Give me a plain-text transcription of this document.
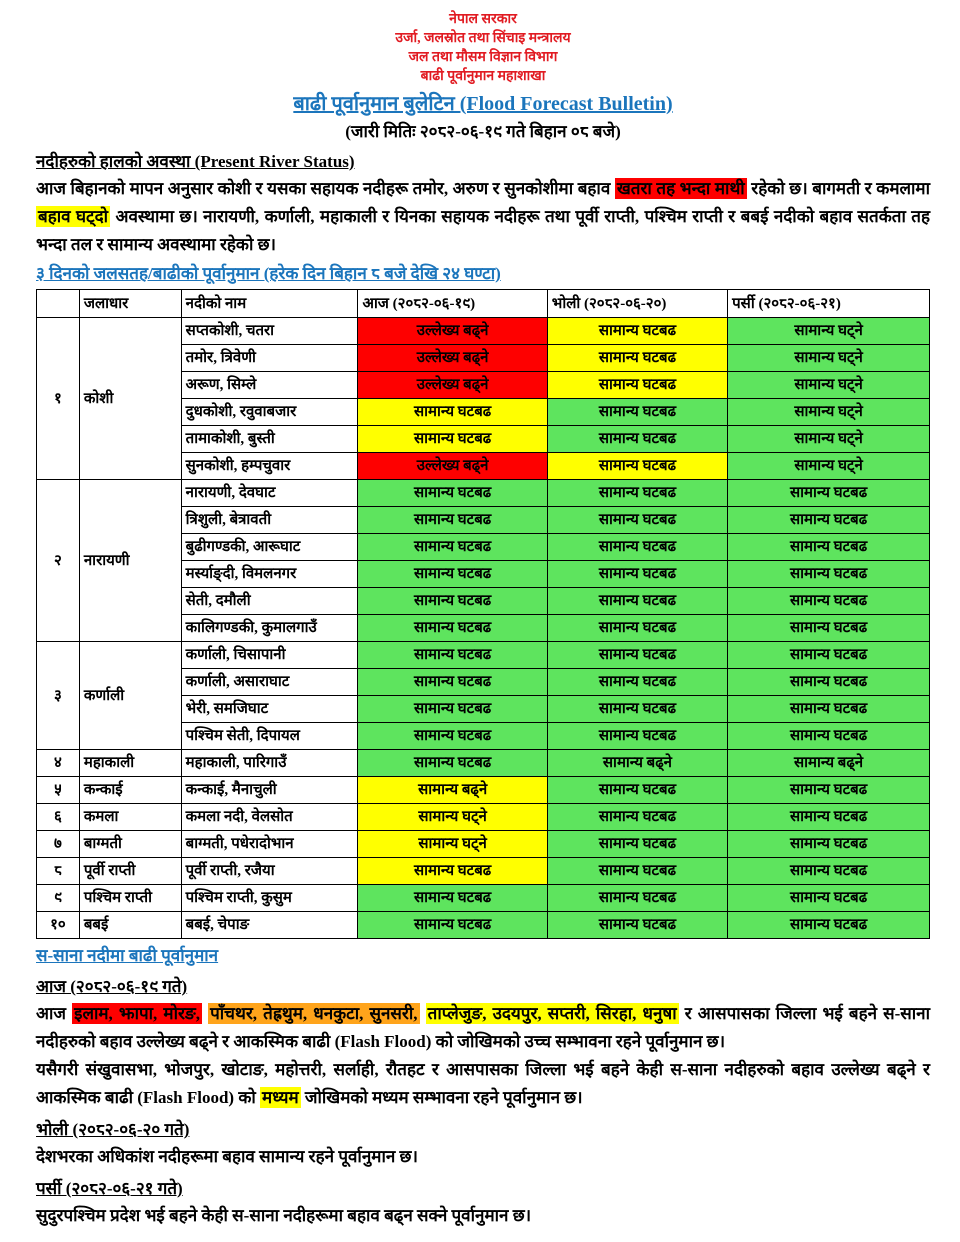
नेपाल सरकार
उर्जा, जलस्रोत तथा सिंचाइ मन्त्रालय
जल तथा मौसम विज्ञान विभाग
बाढी पूर्वानुमान महाशाखा
बाढी पूर्वानुमान बुलेटिन (Flood Forecast Bulletin)
(जारी मितिः २०८२-०६-१९ गते बिहान ०८ बजे)
नदीहरुको हालको अवस्था (Present River Status)

आज बिहानको मापन अनुसार कोशी र यसका सहायक नदीहरू तमोर, अरुण र सुनकोशीमा बहाव खतरा तह भन्दा माथी रहेको छ। बागमती र कमलामा बहाव घट्दो अवस्थामा छ। नारायणी, कर्णाली, महाकाली र यिनका सहायक नदीहरू तथा पूर्वी राप्ती, पश्चिम राप्ती र बबई नदीको बहाव सतर्कता तह भन्दा तल र सामान्य अवस्थामा रहेको छ।

३ दिनको जलसतह/बाढीको पूर्वानुमान (हरेक दिन बिहान ८ बजे देखि २४ घण्टा)
	जलाधार	नदीको नाम	आज (२०८२-०६-१९)	भोली (२०८२-०६-२०)	पर्सी (२०८२-०६-२१)
१	कोशी	सप्तकोशी, चतरा	उल्लेख्य बढ्ने	सामान्य घटबढ	सामान्य घट्ने
		तमोर, त्रिवेणी	उल्लेख्य बढ्ने	सामान्य घटबढ	सामान्य घट्ने
		अरूण, सिम्ले	उल्लेख्य बढ्ने	सामान्य घटबढ	सामान्य घट्ने
		दुधकोशी, रवुवाबजार	सामान्य घटबढ	सामान्य घटबढ	सामान्य घट्ने
		तामाकोशी, बुस्ती	सामान्य घटबढ	सामान्य घटबढ	सामान्य घट्ने
		सुनकोशी, हम्पचुवार	उल्लेख्य बढ्ने	सामान्य घटबढ	सामान्य घट्ने
२	नारायणी	नारायणी, देवघाट	सामान्य घटबढ	सामान्य घटबढ	सामान्य घटबढ
		त्रिशुली, बेत्रावती	सामान्य घटबढ	सामान्य घटबढ	सामान्य घटबढ
		बुढीगण्डकी, आरूघाट	सामान्य घटबढ	सामान्य घटबढ	सामान्य घटबढ
		मर्स्याङ्दी, विमलनगर	सामान्य घटबढ	सामान्य घटबढ	सामान्य घटबढ
		सेती, दमौली	सामान्य घटबढ	सामान्य घटबढ	सामान्य घटबढ
		कालिगण्डकी, कुमालगाउँ	सामान्य घटबढ	सामान्य घटबढ	सामान्य घटबढ
३	कर्णाली	कर्णाली, चिसापानी	सामान्य घटबढ	सामान्य घटबढ	सामान्य घटबढ
		कर्णाली, असाराघाट	सामान्य घटबढ	सामान्य घटबढ	सामान्य घटबढ
		भेरी, समजिघाट	सामान्य घटबढ	सामान्य घटबढ	सामान्य घटबढ
		पश्चिम सेती, दिपायल	सामान्य घटबढ	सामान्य घटबढ	सामान्य घटबढ
४	महाकाली	महाकाली, पारिगाउँ	सामान्य घटबढ	सामान्य बढ्ने	सामान्य बढ्ने
५	कन्काई	कन्काई, मैनाचुली	सामान्य बढ्ने	सामान्य घटबढ	सामान्य घटबढ
६	कमला	कमला नदी, वेलसोत	सामान्य घट्ने	सामान्य घटबढ	सामान्य घटबढ
७	बाग्मती	बाग्मती, पधेरादोभान	सामान्य घट्ने	सामान्य घटबढ	सामान्य घटबढ
८	पूर्वी राप्ती	पूर्वी राप्ती, रजैया	सामान्य घटबढ	सामान्य घटबढ	सामान्य घटबढ
९	पश्चिम राप्ती	पश्चिम राप्ती, कुसुम	सामान्य घटबढ	सामान्य घटबढ	सामान्य घटबढ
१०	बबई	बबई, चेपाङ	सामान्य घटबढ	सामान्य घटबढ	सामान्य घटबढ
स-साना नदीमा बाढी पूर्वानुमान
आज (२०८२-०६-१९ गते)

आज इलाम, झापा, मोरङ, पाँचथर, तेह्रथुम, धनकुटा, सुनसरी, ताप्लेजुङ, उदयपुर, सप्तरी, सिरहा, धनुषा र आसपासका जिल्ला भई बहने स-साना नदीहरुको बहाव उल्लेख्य बढ्ने र आकस्मिक बाढी (Flash Flood) को जोखिमको उच्च सम्भावना रहने पूर्वानुमान छ।

यसैगरी संखुवासभा, भोजपुर, खोटाङ, महोत्तरी, सर्लाही, रौतहट र आसपासका जिल्ला भई बहने केही स-साना नदीहरुको बहाव उल्लेख्य बढ्ने र आकस्मिक बाढी (Flash Flood) को मध्यम जोखिमको मध्यम सम्भावना रहने पूर्वानुमान छ।

भोली (२०८२-०६-२० गते)

देशभरका अधिकांश नदीहरूमा बहाव सामान्य रहने पूर्वानुमान छ।

पर्सी (२०८२-०६-२१ गते)

सुदुरपश्चिम प्रदेश भई बहने केही स-साना नदीहरूमा बहाव बढ्न सक्ने पूर्वानुमान छ।
